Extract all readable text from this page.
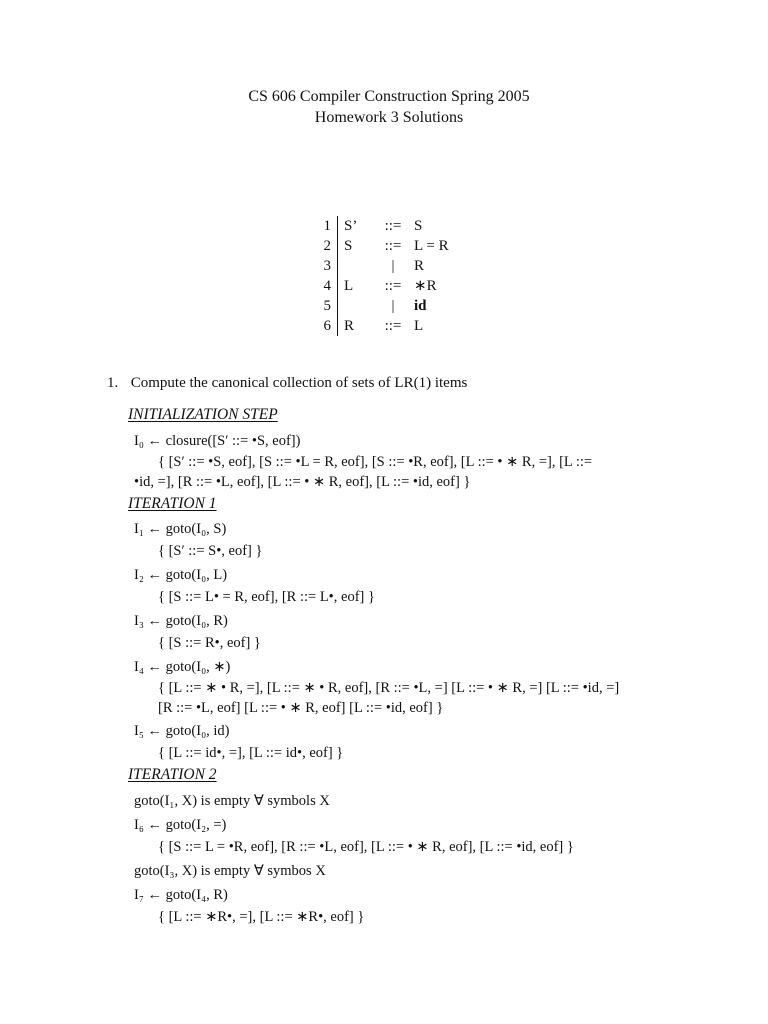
CS 606 Compiler Construction Spring 2005
Homework 3 Solutions
1 S’	::= S
2 S	::= L = R
3	|	R
4 L	::= ∗R
5	|	id
6 R	::= L
1. Compute the canonical collection of sets of LR(1) items
INITIALIZATION STEP
I₀ ← closure([S′ ::= •S, eof])
{ [S′ ::= •S, eof], [S ::= •L = R, eof], [S ::= •R, eof], [L ::= • ∗ R, =], [L ::=
•id, =], [R ::= •L, eof], [L ::= • ∗ R, eof], [L ::= •id, eof] }
ITERATION 1
I₁ ← goto(I₀, S)
{ [S′ ::= S•, eof] }
I₂ ← goto(I₀, L)
{ [S ::= L• = R, eof], [R ::= L•, eof] }
I₃ ← goto(I₀, R)
{ [S ::= R•, eof] }
I₄ ← goto(I₀, ∗)
{ [L ::= ∗ • R, =], [L ::= ∗ • R, eof], [R ::= •L, =] [L ::= • ∗ R, =] [L ::= •id, =]
[R ::= •L, eof] [L ::= • ∗ R, eof] [L ::= •id, eof] }
I₅ ← goto(I₀, id)
{ [L ::= id•, =], [L ::= id•, eof] }
ITERATION 2
goto(I₁, X) is empty ∀ symbols X
I₆ ← goto(I₂, =)
{ [S ::= L = •R, eof], [R ::= •L, eof], [L ::= • ∗ R, eof], [L ::= •id, eof] }
goto(I₃, X) is empty ∀ symbos X
I₇ ← goto(I₄, R)
{ [L ::= ∗R•, =], [L ::= ∗R•, eof] }
